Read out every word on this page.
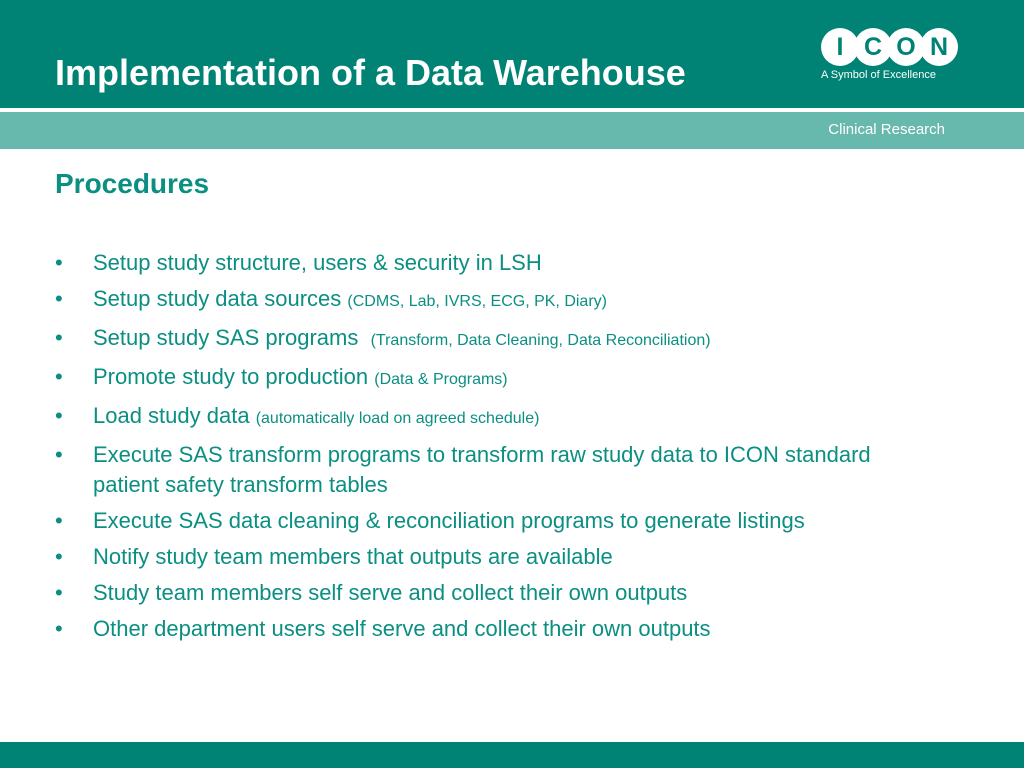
Implementation of a Data Warehouse
I C O N
A Symbol of Excellence
Clinical Research
Procedures
•	Setup study structure, users & security in LSH
•	Setup study data sources (CDMS, Lab, IVRS, ECG, PK, Diary)
•	Setup study SAS programs  (Transform, Data Cleaning, Data Reconciliation)
•	Promote study to production (Data & Programs)
•	Load study data (automatically load on agreed schedule)
•	Execute SAS transform programs to transform raw study data to ICON standard patient safety transform tables
•	Execute SAS data cleaning & reconciliation programs to generate listings
•	Notify study team members that outputs are available
•	Study team members self serve and collect their own outputs
•	Other department users self serve and collect their own outputs
